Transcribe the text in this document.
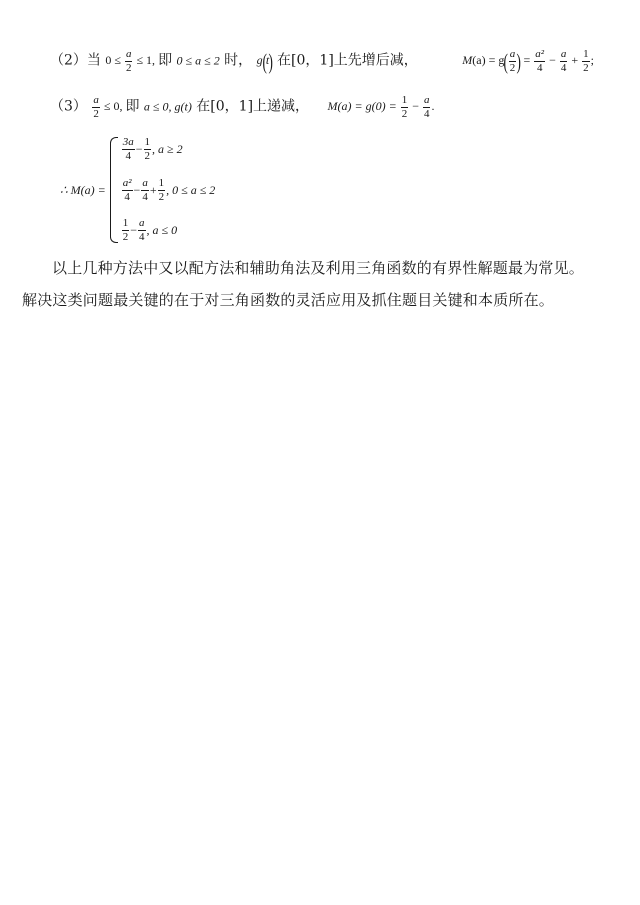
（2）当 $0 \le \frac{a}{2} \le 1$, 即 0 ≤ a ≤ 2 时， g(t) 在[0，1]上先增后减，	$M(a) = g( \frac{a}{2}$ ) = $\frac{\text{a²}}{4} - \frac{a}{4} + \frac{1}{2}$ ;
$(3) \frac{a}{2} \le 0$, 即 a ≤ 0, g(t) 在[0，1]上递减， $M(a) = g(0) = \frac{1}{2} - \frac{a}{4}$ .
∴ M(a) =
$\frac{3a}{4} - \frac{1}{2}$ , a ≥ 2
$\frac{\text{a²}}{4} - \frac{a}{4} + \frac{1}{2}$ , 0 ≤ a ≤ 2
$\frac{1}{2} - \frac{a}{4}$ , a ≤ 0
以上几种方法中又以配方法和辅助角法及利用三角函数的有界性解题最为常见。
解决这类问题最关键的在于对三角函数的灵活应用及抓住题目关键和本质所在。
